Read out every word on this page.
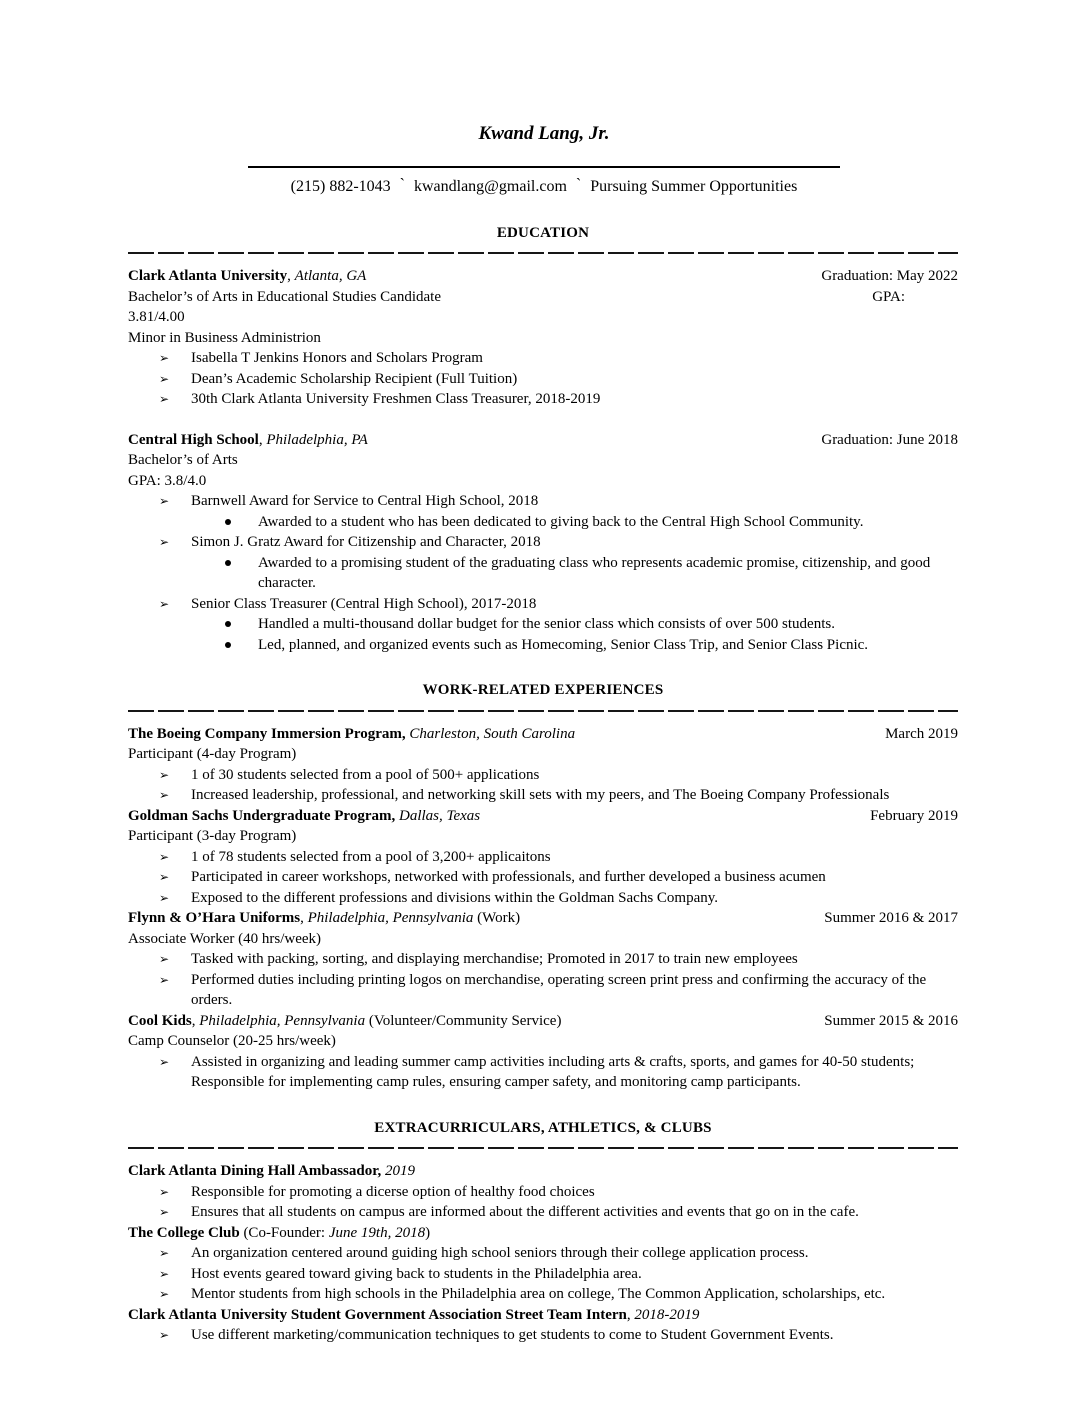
Kwand Lang, Jr.
(215) 882-1043 ˋ kwandlang@gmail.com ˋ Pursuing Summer Opportunities
EDUCATION
Clark Atlanta University, Atlanta, GA	Graduation: May 2022
Bachelor’s of Arts in Educational Studies Candidate	GPA:
3.81/4.00
Minor in Business Administrion
➢	Isabella T Jenkins Honors and Scholars Program
➢	Dean’s Academic Scholarship Recipient (Full Tuition)
➢	30th Clark Atlanta University Freshmen Class Treasurer, 2018-2019
Central High School, Philadelphia, PA	Graduation: June 2018
Bachelor’s of Arts
GPA: 3.8/4.0
➢	Barnwell Award for Service to Central High School, 2018
Awarded to a student who has been dedicated to giving back to the Central High School Community.
➢	Simon J. Gratz Award for Citizenship and Character, 2018
Awarded to a promising student of the graduating class who represents academic promise, citizenship, and good character.
➢	Senior Class Treasurer (Central High School), 2017-2018
Handled a multi-thousand dollar budget for the senior class which consists of over 500 students.
Led, planned, and organized events such as Homecoming, Senior Class Trip, and Senior Class Picnic.
WORK-RELATED EXPERIENCES
The Boeing Company Immersion Program, Charleston, South Carolina	March 2019
Participant (4-day Program)
➢	1 of 30 students selected from a pool of 500+ applications
➢	Increased leadership, professional, and networking skill sets with my peers, and The Boeing Company Professionals
Goldman Sachs Undergraduate Program, Dallas, Texas	February 2019
Participant (3-day Program)
➢	1 of 78 students selected from a pool of 3,200+ applicaitons
➢	Participated in career workshops, networked with professionals, and further developed a business acumen
➢	Exposed to the different professions and divisions within the Goldman Sachs Company.
Flynn & O’Hara Uniforms, Philadelphia, Pennsylvania (Work)	Summer 2016 & 2017
Associate Worker (40 hrs/week)
➢	Tasked with packing, sorting, and displaying merchandise; Promoted in 2017 to train new employees
➢	Performed duties including printing logos on merchandise, operating screen print press and confirming the accuracy of the orders.
Cool Kids, Philadelphia, Pennsylvania (Volunteer/Community Service)	Summer 2015 & 2016
Camp Counselor (20-25 hrs/week)
➢	Assisted in organizing and leading summer camp activities including arts & crafts, sports, and games for 40-50 students; Responsible for implementing camp rules, ensuring camper safety, and monitoring camp participants.
EXTRACURRICULARS, ATHLETICS, & CLUBS
Clark Atlanta Dining Hall Ambassador, 2019
➢	Responsible for promoting a dicerse option of healthy food choices
➢	Ensures that all students on campus are informed about the different activities and events that go on in the cafe.
The College Club (Co-Founder: June 19th, 2018)
➢	An organization centered around guiding high school seniors through their college application process.
➢	Host events geared toward giving back to students in the Philadelphia area.
➢	Mentor students from high schools in the Philadelphia area on college, The Common Application, scholarships, etc.
Clark Atlanta University Student Government Association Street Team Intern, 2018-2019
➢	Use different marketing/communication techniques to get students to come to Student Government Events.
